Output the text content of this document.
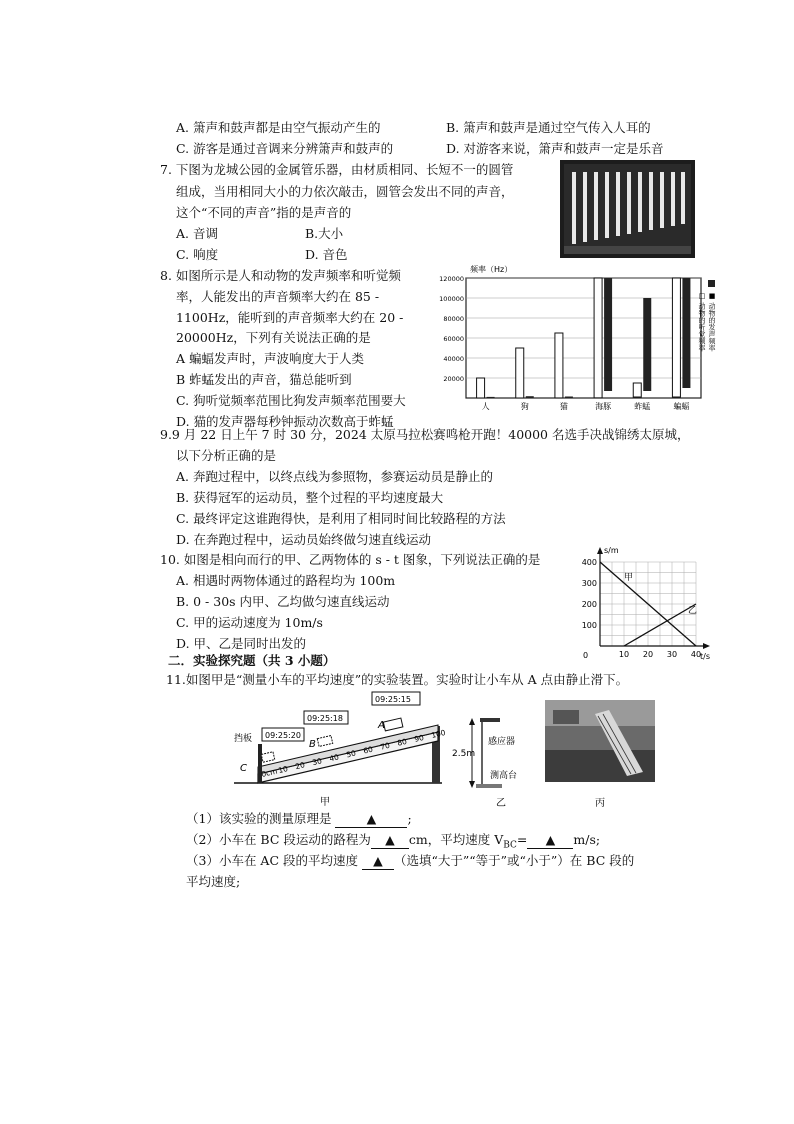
A. 箫声和鼓声都是由空气振动产生的	B. 箫声和鼓声是通过空气传入人耳的
C. 游客是通过音调来分辨箫声和鼓声的	D. 对游客来说，箫声和鼓声一定是乐音
7. 下图为龙城公园的金属管乐器，由材质相同、长短不一的圆管
组成，当用相同大小的力依次敲击，圆管会发出不同的声音，
这个“不同的声音”指的是声音的
A. 音调	B.大小
C. 响度	D. 音色
8. 如图所示是人和动物的发声频率和听觉频
率，人能发出的声音频率大约在 85 -
1100Hz，能听到的声音频率大约在 20 -
20000Hz，下列有关说法正确的是
A 蝙蝠发声时，声波响度大于人类
B 蚱蜢发出的声音，猫总能听到
C. 狗听觉频率范围比狗发声频率范围要大
D. 猫的发声器每秒钟振动次数高于蚱蜢
频率（Hz）
120000
100000
80000
60000
40000
20000
人	狗	猫	海豚	蚱蜢	蝙蝠
■ 动物的发声频率
□ 动物的听觉频率
9.9 月 22 日上午 7 时 30 分，2024 太原马拉松赛鸣枪开跑！40000 名选手决战锦绣太原城，
以下分析正确的是
A. 奔跑过程中，以终点线为参照物，参赛运动员是静止的
B. 获得冠军的运动员，整个过程的平均速度最大
C. 最终评定这谁跑得快，是利用了相同时间比较路程的方法
D. 在奔跑过程中，运动员始终做匀速直线运动
10. 如图是相向而行的甲、乙两物体的 s - t 图象，下列说法正确的是
A. 相遇时两物体通过的路程均为 100m
B. 0 - 30s 内甲、乙均做匀速直线运动
C. 甲的运动速度为 10m/s
D. 甲、乙是同时出发的
s/m
t/s
0
400
300
200
100
10 20 30 40
甲
乙
二．实验探究题（共 3 小题）
11.如图甲是“测量小车的平均速度”的实验装置。实验时让小车从 A 点由静止滑下。
挡板 09:25:20
09:25:18
09:25:15
A
B
C 0cm 10 20 30 40 50 60 70 80 90 100
甲
2.5m
感应器
测高台
乙	丙
（1）该实验的测量原理是 ▲ ;
（2）小车在 BC 段运动的路程为 ▲ cm，平均速度 $V_{BC}=$ ▲ m/s;
（3）小车在 AC 段的平均速度 ▲ （选填“大于”“等于”或“小于”）在 BC 段的
平均速度;
